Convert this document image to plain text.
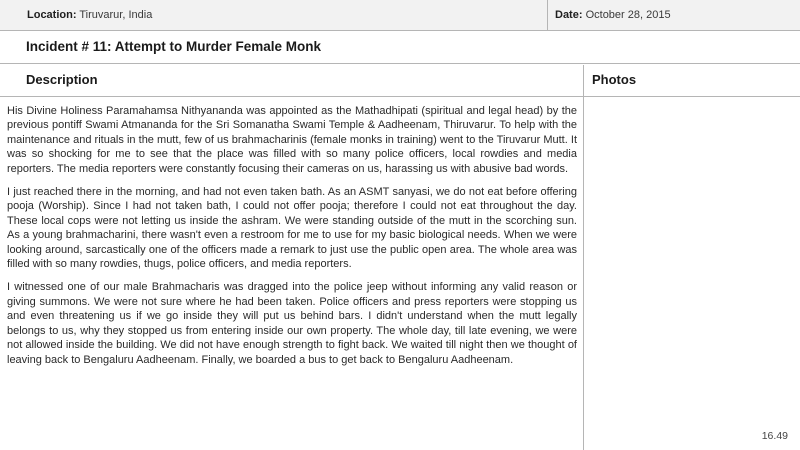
Location: Tiruvarur, India	Date: October 28, 2015
Incident # 11: Attempt to Murder Female Monk
Description	Photos

His Divine Holiness Paramahamsa Nithyananda was appointed as the Mathadhipati (spiritual and legal head) by the previous pontiff Swami Atmananda for the Sri Somanatha Swami Temple & Aadheenam, Thiruvarur. To help with the maintenance and rituals in the mutt, few of us brahmacharinis (female monks in training) went to the Tiruvarur Mutt. It was so shocking for me to see that the place was filled with so many police officers, local rowdies and media reporters. The media reporters were constantly focusing their cameras on us, harassing us with abusive bad words.

I just reached there in the morning, and had not even taken bath. As an ASMT sanyasi, we do not eat before offering pooja (Worship). Since I had not taken bath, I could not offer pooja; therefore I could not eat throughout the day. These local cops were not letting us inside the ashram. We were standing outside of the mutt in the scorching sun. As a young brahmacharini, there wasn't even a restroom for me to use for my basic biological needs. When we were looking around, sarcastically one of the officers made a remark to just use the public open area. The whole area was filled with so many rowdies, thugs, police officers, and media reporters.

I witnessed one of our male Brahmacharis was dragged into the police jeep without informing any valid reason or giving summons. We were not sure where he had been taken. Police officers and press reporters were stopping us and even threatening us if we go inside they will put us behind bars. I didn't understand when the mutt legally belongs to us, why they stopped us from entering inside our own property. The whole day, till late evening, we were not allowed inside the building. We did not have enough strength to fight back. We waited till night then we thought of leaving back to Bengaluru Aadheenam. Finally, we boarded a bus to get back to Bengaluru Aadheenam.

16.49
